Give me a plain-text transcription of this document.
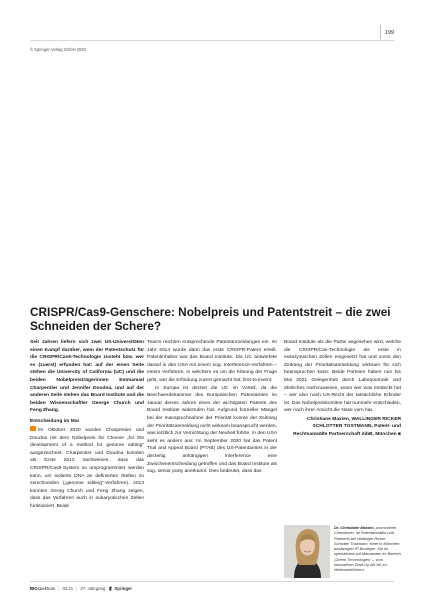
199
© Springer-Verlag GmbH 2020
CRISPR/Cas9-Genschere: Nobelpreis und Patentstreit – die zwei Schneiden der Schere?

Seit Jahren liefern sich zwei US-Universitäten einen Kampf darüber, wem der Patentschutz für die CRISPR/Cas9-Technologie zusteht bzw. wer es (zuerst) erfunden hat: auf der einen Seite stehen die University of California (UC) und die beiden Nobelpreisträgerinnen Emmanuel Charpentier und Jennifer Doudna, und auf der anderen Seite stehen das Board Institute und die beiden Wissenschaftler George Church und Feng Zhang.

Entscheidung im Mai

Im Oktober 2020 wurden Charpentier und Doudna mit dem Nobelpreis für Chemie „for the development of a method for genome editing“ ausgezeichnet. Charpentier und Doudna konnten als Erste 2012 nachweisen, dass das CRISPR/Cas9-System so umprogrammiert werden kann, um isolierte DNA an definierten Stellen zu zerschneiden („genome editing“-Verfahren). 2013 konnten Georg Church und Feng Zhang zeigen, dass das Verfahren auch in eukaryotischen Zellen funktioniert. Beide

Teams reichten entsprechende Patentanmeldungen ein. Im Jahr 2014 wurde dann das erste CRISPR-Patent erteilt. Patentinhaber war das Board Institute. Die UC antwortete darauf in den USA mit einem sog. Interference-Verfahren – einem Verfahren, in welchem es um die Klärung der Frage geht, wer die Erfindung zuerst gemacht hat; first-to-invent.

In Europa ist derzeit die UC im Vorteil, da die Beschwerdekammer des Europäischen Patentamtes im Januar dieses Jahres eines der wichtigsten Patente des Board Institute widerrufen hat. Aufgrund formeller Mängel bei der Inanspruchnahme der Priorität konnte der Zeitrang der Prioritätsanmeldung nicht wirksam beansprucht werden, was letztlich zur Vernichtung der Neuheit führte. In den USA sieht es anders aus: Im September 2020 hat das Patent Trial and Appeal Board (PTAB) des US-Patentamtes in der derzeitig anhängigen Interference eine Zwischenentscheidung getroffen und das Board Institute als sog. senior party anerkannt. Dies bedeutet, dass das

Board Institute als die Partei angesehen wird, welche die CRISPR/Cas-Technologie als erste in eukaryotischen Zellen eingesetzt hat und somit den Zeitrang der Prioritätsanmeldung wirksam für sich beanspruchen kann. Beide Parteien haben nun bis Mai 2021 Gelegenheit durch Laborjournale und ähnliches nachzuweisen, wann wer was entdeckt hat – wer also nach US-Recht der tatsächliche Erfinder ist. Das Nobelpreiskomitee hat nunmehr entschieden, wer nach ihrer Ansicht die Nase vorn hat.

Christiane Maxien, WALLINGER RICKER SCHLOTTER TOSTMANN, Patent- und Rechtsanwälte Partnerschaft mbB, München ■

Dr. Christiane Maxien, promovierte Chemikerin, ist Patentanwältin und Partnerin bei Wallinger Ricker Schlotter Tostmann, einer in München ansässigen IP-Boutique. Sie ist spezialisiert auf Mandanten im Bereich „Green Technologies“ – vom innovativen Start-Up bis hin zu Weltmarktführern.

BIOspektrum | 02.21 | 27. Jahrgang Springer
